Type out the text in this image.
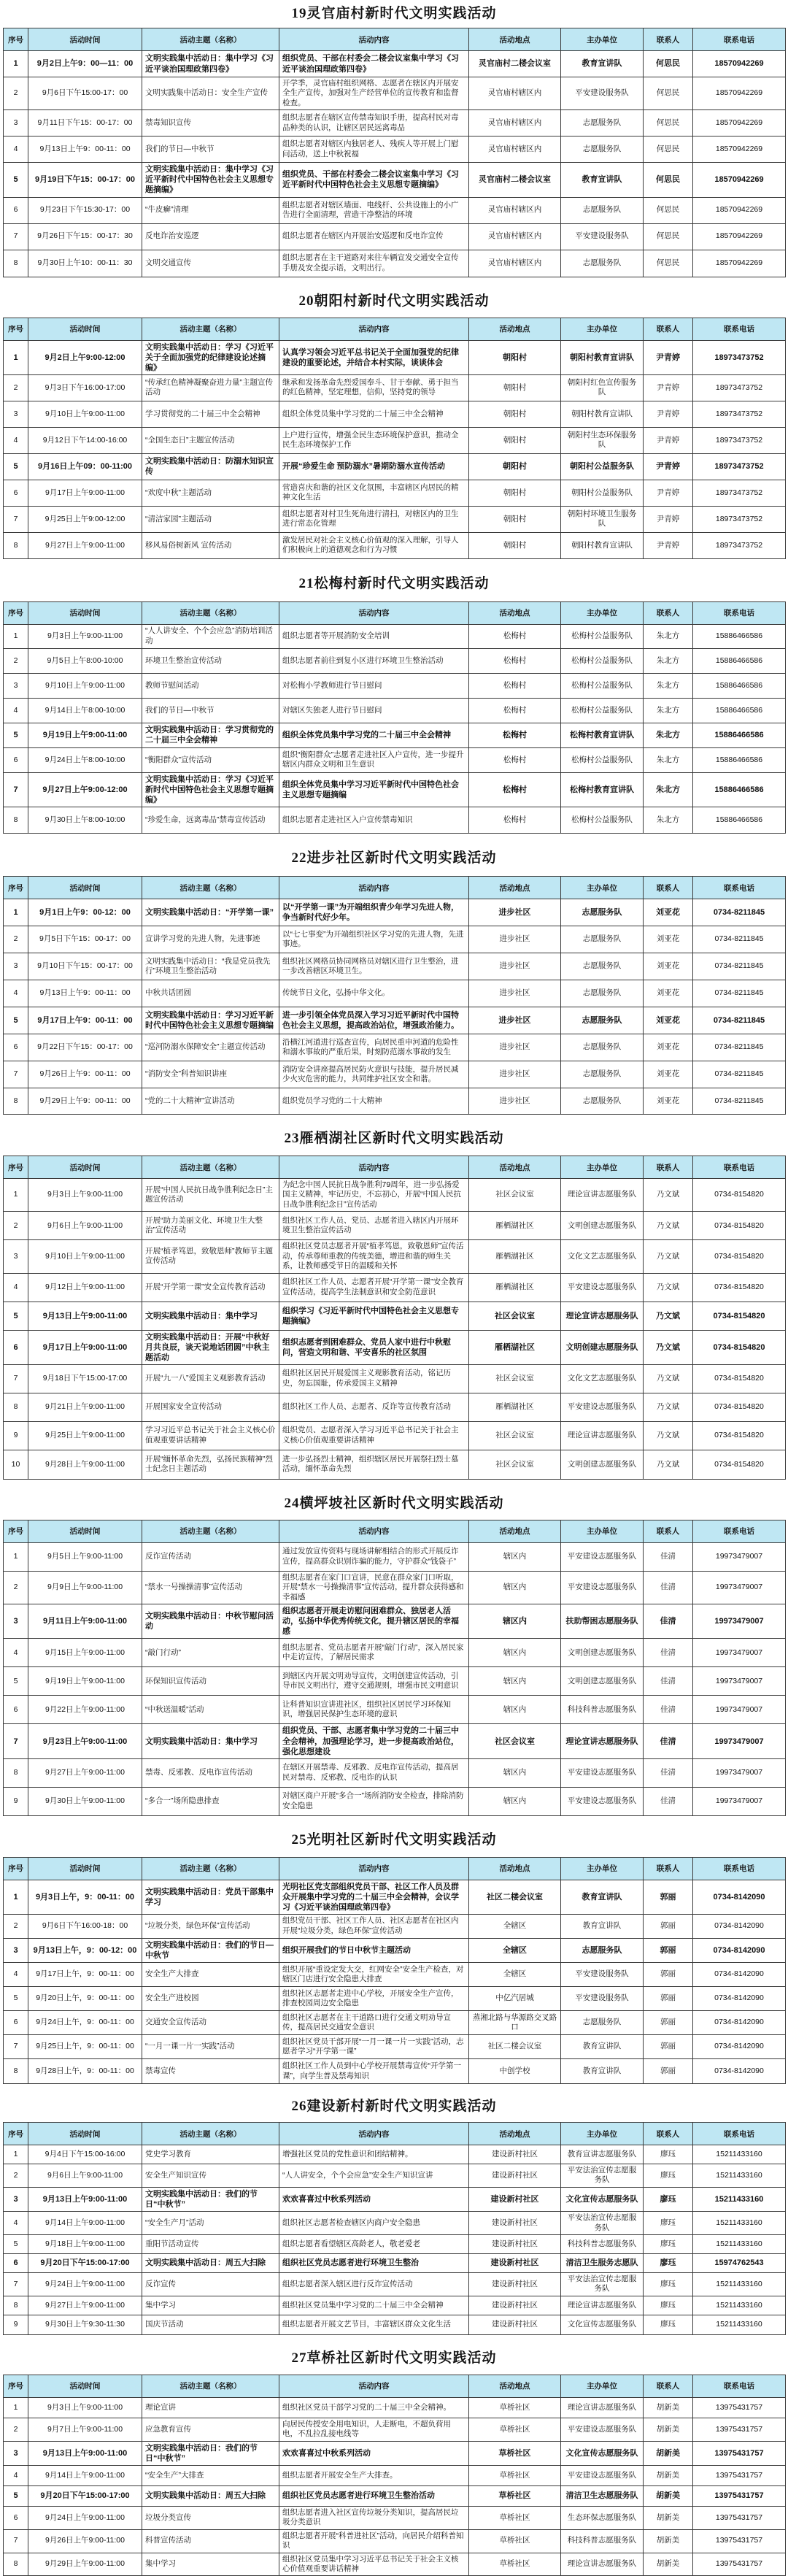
19灵官庙村新时代文明实践活动
序号	活动时间	活动主题（名称）	活动内容	活动地点	主办单位	联系人	联系电话
1	9月2日上午9：00—11：00	文明实践集中活动日：集中学习《习近平谈治国理政第四卷》	组织党员、干部在村委会二楼会议室集中学习《习近平谈治国理政第四卷》	灵官庙村二楼会议室	教育宣讲队	何思民	18570942269
2	9月6日下午15:00-17：00	文明实践集中活动日：安全生产宣传	开学季，灵官庙村组织网格、志愿者在辖区内开展安全生产宣传，加强对生产经营单位的宣传教育和监督检查。	灵官庙村辖区内	平安建设服务队	何思民	18570942269
3	9月11日下午15：00-17：00	禁毒知识宣传	组织志愿者在辖区宣传禁毒知识手册，提高村民对毒品种类的认识，让辖区居民远离毒品	灵官庙村辖区内	志愿服务队	何思民	18570942269
4	9月13日上午9：00-11：00	我们的节日—中秋节	组织志愿者对辖区内独居老人、残疾人等开展上门慰问活动，送上中秋祝福	灵官庙村辖区内	志愿服务队	何思民	18570942269
5	9月19日下午15：00-17：00	文明实践集中活动日：集中学习《习近平新时代中国特色社会主义思想专题摘编》	组织党员、干部在村委会二楼会议室集中学习《习近平新时代中国特色社会主义思想专题摘编》	灵官庙村二楼会议室	教育宣讲队	何思民	18570942269
6	9月23日下午15:30-17：00	“牛皮癣”清理	组织志愿者对辖区墙面、电线杆、公共设施上的小广告进行全面清理，营造干净整洁的环境	灵官庙村辖区内	志愿服务队	何思民	18570942269
7	9月26日下午15：00-17：30	反电诈治安巡逻	组织志愿者在辖区内开展治安巡逻和反电诈宣传	灵官庙村辖区内	平安建设服务队	何思民	18570942269
8	9月30日上午10：00-11：30	文明交通宣传	组织志愿者在主干道路对来往车辆宣发交通安全宣传手册及安全提示语，文明出行。	灵官庙村辖区内	志愿服务队	何思民	18570942269
20朝阳村新时代文明实践活动
序号	活动时间	活动主题（名称）	活动内容	活动地点	主办单位	联系人	联系电话
1	9月2日上午9:00-12:00	文明实践集中活动日：学习《习近平关于全面加强党的纪律建设论述摘编》	认真学习领会习近平总书记关于全面加强党的纪律建设的重要论述，并结合本村实际，谈谈体会	朝阳村	朝阳村教育宣讲队	尹青婷	18973473752
2	9月3日下午16:00-17:00	“传承红色精神凝聚奋进力量”主题宣传活动	继承和发扬革命先烈爱国奉斗、甘于奉献、勇于担当的红色精神，坚定理想，信仰，坚持党的领导	朝阳村	朝阳村红色宣传服务队	尹青婷	18973473752
3	9月10日上午9:00-11:00	学习贯彻党的二十届三中全会精神	组织全体党员集中学习党的二十届三中全会精神	朝阳村	朝阳村教育宣讲队	尹青婷	18973473752
4	9月12日下午14:00-16:00	“全国生态日”主题宣传活动	上户进行宣传，增强全民生态环境保护意识，推动全民生态环境保护工作	朝阳村	朝阳村生态环保服务队	尹青婷	18973473752
5	9月16日上午09：00-11:00	文明实践集中活动日：防溺水知识宣传	开展“珍爱生命 预防溺水”暑期防溺水宣传活动	朝阳村	朝阳村公益服务队	尹青婷	18973473752
6	9月17日上午9:00-11:00	“欢度中秋”主题活动	营造喜庆和谐的社区文化氛围，丰富辖区内居民的精神文化生活	朝阳村	朝阳村公益服务队	尹青婷	18973473752
7	9月25日上午9:00-12:00	“清洁家园”主题活动	组织志愿者对村卫生死角进行清扫，对辖区内的卫生进行常态化管理	朝阳村	朝阳村环境卫生服务队	尹青婷	18973473752
8	9月27日上午9:00-11:00	移风易俗树新风 宣传活动	激发居民对社会主义核心价值观的深入理解，引导人们积极向上的道德观念和行为习惯	朝阳村	朝阳村教育宣讲队	尹青婷	18973473752
21松梅村新时代文明实践活动
序号	活动时间	活动主题（名称）	活动内容	活动地点	主办单位	联系人	联系电话
1	9月3日上午9:00-11:00	“人人讲安全、个个会应急”消防培训活动	组织志愿者等开展消防安全培训	松梅村	松梅村公益服务队	朱北方	15886466586
2	9月5日上午8:00-10:00	环境卫生整治宣传活动	组织志愿者前往到复小区进行环境卫生整治活动	松梅村	松梅村公益服务队	朱北方	15886466586
3	9月10日上午9:00-11:00	教师节慰问活动	对松梅小学教师进行节日慰问	松梅村	松梅村公益服务队	朱北方	15886466586
4	9月14日上午8:00-10:00	我们的节日—中秋节	对辖区失独老人进行节日慰问	松梅村	松梅村公益服务队	朱北方	15886466586
5	9月19日上午9:00-11:00	文明实践集中活动日：学习贯彻党的二十届三中全会精神	组织全体党员集中学习党的二十届三中全会精神	松梅村	松梅村教育宣讲队	朱北方	15886466586
6	9月24日上午8:00-10:00	“衡阳群众”宣传活动	组织“衡阳群众”志愿者走进社区入户宣传，进一步提升辖区内群众文明和卫生意识	松梅村	松梅村公益服务队	朱北方	15886466586
7	9月27日上午9:00-12:00	文明实践集中活动日：学习《习近平新时代中国特色社会主义思想专题摘编》	组织全体党员集中学习习近平新时代中国特色社会主义思想专题摘编	松梅村	松梅村教育宣讲队	朱北方	15886466586
8	9月30日上午8:00-10:00	“珍爱生命，远离毒品”禁毒宣传活动	组织志愿者走进社区入户宣传禁毒知识	松梅村	松梅村公益服务队	朱北方	15886466586
22进步社区新时代文明实践活动
序号	活动时间	活动主题（名称）	活动内容	活动地点	主办单位	联系人	联系电话
1	9月1日上午9：00-12：00	文明实践集中活动日：“开学第一课”	以“开学第一课”为开端组织青少年学习先进人物，争当新时代好少年。	进步社区	志愿服务队	刘亚花	0734-8211845
2	9月5日下午15：00-17：00	宣讲学习党的先进人物，先进事迹	以“七七事变”为开端组织社区学习党的先进人物，先进事迹。	进步社区	志愿服务队	刘亚花	0734-8211845
3	9月10日下午15：00-17：00	文明实践集中活动日：“我是党员我先行”环境卫生整治活动	组织社区网格员协同网格员对辖区进行卫生整治，进一步改善辖区环境卫生。	进步社区	志愿服务队	刘亚花	0734-8211845
4	9月13日上午9：00-11：00	中秋共话团圆	传统节日文化，弘扬中华文化。	进步社区	志愿服务队	刘亚花	0734-8211845
5	9月17日上午9：00-11：00	文明实践集中活动日：学习习近平新时代中国特色社会主义思想专题摘编	进一步引领全体党员深入学习习近平新时代中国特色社会主义思想，提高政治站位，增强政治能力。	进步社区	志愿服务队	刘亚花	0734-8211845
6	9月22日下午15：00-17：00	“巡河防溺水保障安全”主题宣传活动	沿横江河道进行巡查宣传，向居民重申河道的危险性和溺水事故的严重后果，时刻防范溺水事故的发生	进步社区	志愿服务队	刘亚花	0734-8211845
7	9月26日上午9：00-11：00	“消防安全”科普知识讲座	消防安全讲座提高居民防火意识与技能，提升居民减少火灾危害的能力，共同维护社区安全和谐。	进步社区	志愿服务队	刘亚花	0734-8211845
8	9月29日上午9：00-11：00	“党的二十大精神”宣讲活动	组织党员学习党的二十大精神	进步社区	志愿服务队	刘亚花	0734-8211845
23雁栖湖社区新时代文明实践活动
序号	活动时间	活动主题（名称）	活动内容	活动地点	主办单位	联系人	联系电话
1	9月3日上午9:00-11:00	开展“中国人民抗日战争胜利纪念日”主题宣传活动	为纪念中国人民抗日战争胜利79周年，进一步弘扬爱国主义精神，牢记历史，不忘初心，开展“中国人民抗日战争胜利纪念日”宣传活动	社区会议室	理论宣讲志愿服务队	乃文斌	0734-8154820
2	9月6日上午9:00-11:00	开展“助力美丽文化、环境卫生大整治”宣传活动	组织社区工作人员、党员、志愿者进入辖区内开展环境卫生整治宣传活动	雁栖湖社区	文明创建志愿服务队	乃文斌	0734-8154820
3	9月10日上午9:00-11:00	开展“植孝笃恩，致敬恩师”教师节主题宣传活动	组织社区党员志愿者开展“植孝笃恩，致敬恩师”宣传活动，传承尊师重教的传统美德，增进和谐的师生关系，让教师感受节日的温暖和关怀	雁栖湖社区	文化文艺志愿服务队	乃文斌	0734-8154820
4	9月12日上午9:00-11:00	开展“开学第一课”安全宣传教育活动	组织社区工作人员、志愿者开展“开学第一课”安全教育宣传活动，提高学生法制意识和安全防范意识	雁栖湖社区	平安建设志愿服务队	乃文斌	0734-8154820
5	9月13日上午9:00-11:00	文明实践集中活动日：集中学习	组织学习《习近平新时代中国特色社会主义思想专题摘编》	社区会议室	理论宣讲志愿服务队	乃文斌	0734-8154820
6	9月17日上午9:00-11:00	文明实践集中活动日：开展“中秋好月共良辰，谈天说地话团圆”中秋主题活动	组织志愿者到困难群众、党员人家中进行中秋慰问，营造文明和谐、平安喜乐的社区氛围	雁栖湖社区	文明创建志愿服务队	乃文斌	0734-8154820
7	9月18日下午15:00-17:00	开展“九一八”爱国主义观影教育活动	组织社区居民开展爱国主义观影教育活动，铭记历史，勿忘国耻，传承爱国主义精神	社区会议室	文化文艺志愿服务队	乃文斌	0734-8154820
8	9月21日上午9:00-11:00	开展国家安全宣传活动	组织社区工作人员、志愿者、反诈等宣传教育活动	雁栖湖社区	平安建设志愿服务队	乃文斌	0734-8154820
9	9月25日上午9:00-11:00	学习习近平总书记关于社会主义核心价值观重要讲话精神	组织党员、志愿者深入学习习近平总书记关于社会主义核心价值观重要讲话精神	社区会议室	理论宣讲志愿服务队	乃文斌	0734-8154820
10	9月28日上午9:00-11:00	开展“缅怀革命先烈，弘扬民族精神”烈士纪念日主题活动	进一步弘扬烈士精神，组织辖区居民开展祭扫烈士墓活动，缅怀革命先烈	社区会议室	文明创建志愿服务队	乃文斌	0734-8154820
24横坪坡社区新时代文明实践活动
序号	活动时间	活动主题（名称）	活动内容	活动地点	主办单位	联系人	联系电话
1	9月5日上午9:00-11:00	反诈宣传活动	通过发放宣传资料与现场讲解相结合的形式开展反诈宣传，提高群众识别诈骗的能力，守护群众“钱袋子”	辖区内	平安建设志愿服务队	佳清	19973479007
2	9月9日上午9:00-11:00	“禁水一号操操清事”宣传活动	组织志愿者在家门口宣讲，民意在群众家门口听取，开展“禁水一号操操清事”宣传活动，提升群众获得感和幸福感	辖区内	平安建设志愿服务队	佳清	19973479007
3	9月11日上午9:00-11:00	文明实践集中活动日：中秋节慰问活动	组织志愿者开展走访慰问困难群众、独居老人活动，弘扬中华优秀传统文化，提升辖区居民的幸福感	辖区内	扶助帮困志愿服务队	佳清	19973479007
4	9月15日上午9:00-11:00	“敲门行动”	组织志愿者、党员志愿者开展“敲门行动”，深入居民家中走访宣传，了解居民需求	辖区内	文明创建志愿服务队	佳清	19973479007
5	9月19日上午9:00-11:00	环保知识宣传活动	到辖区内开展文明劝导宣传，文明创建宣传活动，引导市民文明出行，遵守交通规则，增强市民文明意识	辖区内	文明创建志愿服务队	佳清	19973479007
6	9月22日上午9:00-11:00	“中秋送温暖”活动	让科普知识宣讲进社区，组织社区居民学习环保知识，增强居民保护生态环境的意识	辖区内	科技科普志愿服务队	佳清	19973479007
7	9月23日上午9:00-11:00	文明实践集中活动日：集中学习	组织党员、干部、志愿者集中学习党的二十届三中全会精神，加强理论学习，进一步提高政治站位，强化思想建设	社区会议室	理论宣讲志愿服务队	佳清	19973479007
8	9月27日上午9:00-11:00	禁毒、反邪教、反电诈宣传活动	在辖区开展禁毒、反邪教、反电诈宣传活动，提高居民对禁毒、反邪教、反电诈的认识	辖区内	平安建设志愿服务队	佳清	19973479007
9	9月30日上午9:00-11:00	“多合一”场所隐患排查	对辖区商户开展“多合一”场所消防安全检查，排除消防安全隐患	辖区内	平安建设志愿服务队	佳清	19973479007
25光明社区新时代文明实践活动
序号	活动时间	活动主题（名称）	活动内容	活动地点	主办单位	联系人	联系电话
1	9月3日上午，9：00-11：00	文明实践集中活动日：党员干部集中学习	光明社区党支部组织党员干部、社区工作人员及群众开展集中学习党的二十届三中全会精神，会议学习《习近平谈治国理政第四卷》	社区二楼会议室	教育宣讲队	郭丽	0734-8142090
2	9月6日下午16:00-18：00	“垃圾分类，绿色环保”宣传活动	组织党员干部、社区工作人员、社区志愿者在社区内开展“垃圾分类，绿色环保”宣传活动	全辖区	教育宣讲队	郭丽	0734-8142090
3	9月13日上午，9：00-12：00	文明实践集中活动日：我们的节日—中秋节	组织开展我们的节日中秋节主题活动	全辖区	志愿服务队	郭丽	0734-8142090
4	9月17日上午，9：00-11：00	安全生产大排查	组织开展“重设定发大交，红网安全”安全生产检查，对辖区门店进行安全隐患大排查	全辖区	平安建设服务队	郭丽	0734-8142090
5	9月20日上午，9：00-11：00	安全生产进校园	组织社区志愿者走进中心学校，开展安全生产宣传，排查校园周边安全隐患	中亿汽居城	平安建设服务队	郭丽	0734-8142090
6	9月24日上午，9：00-11：00	交通安全宣传活动	组织社区志愿者在主干道路口进行交通文明劝导宣传，提高居民交通安全意识	蒸湘北路与华源路交叉路口	志愿服务队	郭丽	0734-8142090
7	9月25日上午，9：00-11：00	“一月一课一片一实践”活动	组织社区党员干部开展“一月一课一片一实践”活动，志愿者学习“开学第一课”	社区二楼会议室	教育宣讲队	郭丽	0734-8142090
8	9月28日上午，9：00-11：00	禁毒宣传	组织社区工作人员到中心学校开展禁毒宣传“开学第一课”，向学生普及禁毒知识	中创学校	教育宣讲队	郭丽	0734-8142090
26建设新村新时代文明实践活动
序号	活动时间	活动主题（名称）	活动内容	活动地点	主办单位	联系人	联系电话
1	9月4日下午15:00-16:00	党史学习教育	增强社区党员的党性意识和团结精神。	建设新村社区	教育宣讲志愿服务队	廖珏	15211433160
2	9月6日上午9:00-11:00	安全生产知识宣传	“人人讲安全，个个会应急”安全生产知识宣讲	建设新村社区	平安法治宣传志愿服务队	廖珏	15211433160
3	9月13日上午9:00-11:00	文明实践集中活动日：我们的节日“中秋节”	欢欢喜喜过中秋系列活动	建设新村社区	文化宣传志愿服务队	廖珏	15211433160
4	9月14日上午9:00-11:00	“安全生产月”活动	组织社区志愿者检查辖区内商户安全隐患	建设新村社区	平安法治宣传志愿服务队	廖珏	15211433160
5	9月18日上午9:00-11:00	重阳节活动宣传	组织志愿者看望辖区高龄老人，敬老爱老	建设新村社区	科技科普志愿服务队	廖珏	15211433160
6	9月20日下午15:00-17:00	文明实践集中活动日：周五大扫除	组织社区党员志愿者进行环境卫生整治	建设新村社区	清洁卫生服务志愿队	廖珏	15974762543
7	9月24日上午9:00-11:00	反诈宣传	组织志愿者深入辖区进行反诈宣传活动	建设新村社区	平安法治宣传志愿服务队	廖珏	15211433160
8	9月27日上午9:00-11:00	集中学习	组织社区党员集中学习党的二十届三中全会精神	建设新村社区	理论宣讲志愿服务队	廖珏	15211433160
9	9月30日上午9:30-11:30	国庆节活动	组织志愿者开展文艺节目，丰富辖区群众文化生活	建设新村社区	文化宣传志愿服务队	廖珏	15211433160
27草桥社区新时代文明实践活动
序号	活动时间	活动主题（名称）	活动内容	活动地点	主办单位	联系人	联系电话
1	9月3日上午9:00-11:00	理论宣讲	组织社区党员干部学习党的二十届三中全会精神。	草桥社区	理论宣讲志愿服务队	胡新美	13975431757
2	9月7日上午9:00-11:00	应急教育宣传	向居民传授安全用电知识，人走断电，不超负荷用电，不乱拉乱接电线等	草桥社区	平安建设志愿服务队	胡新美	13975431757
3	9月13日上午9:00-11:00	文明实践集中活动日：我们的节日“中秋节”	欢欢喜喜过中秋系列活动	草桥社区	文化宣传志愿服务队	胡新美	13975431757
4	9月14日上午9:00-11:00	“安全生产”大排查	组织志愿者开展安全生产大排查。	草桥社区	平安建设志愿服务队	胡新美	13975431757
5	9月20日下午15:00-17:00	文明实践集中活动日：周五大扫除	组织社区党员志愿者进行环境卫生整治活动	草桥社区	清洁卫生志愿服务队	胡新美	13975431757
6	9月24日上午9:00-11:00	垃圾分类宣传	组织志愿者进入社区宣传垃圾分类知识，提高居民垃圾分类意识	草桥社区	生态环保志愿服务队	胡新美	13975431757
7	9月26日上午9:00-11:00	科普宣传活动	组织志愿者开展“科普进社区”活动，向居民介绍科普知识	草桥社区	科技科普志愿服务队	胡新美	13975431757
8	9月29日上午9:00-11:00	集中学习	组织社区党员集中学习习近平总书记关于社会主义核心价值观重要讲话精神	草桥社区	理论宣讲志愿服务队	胡新美	13975431757
